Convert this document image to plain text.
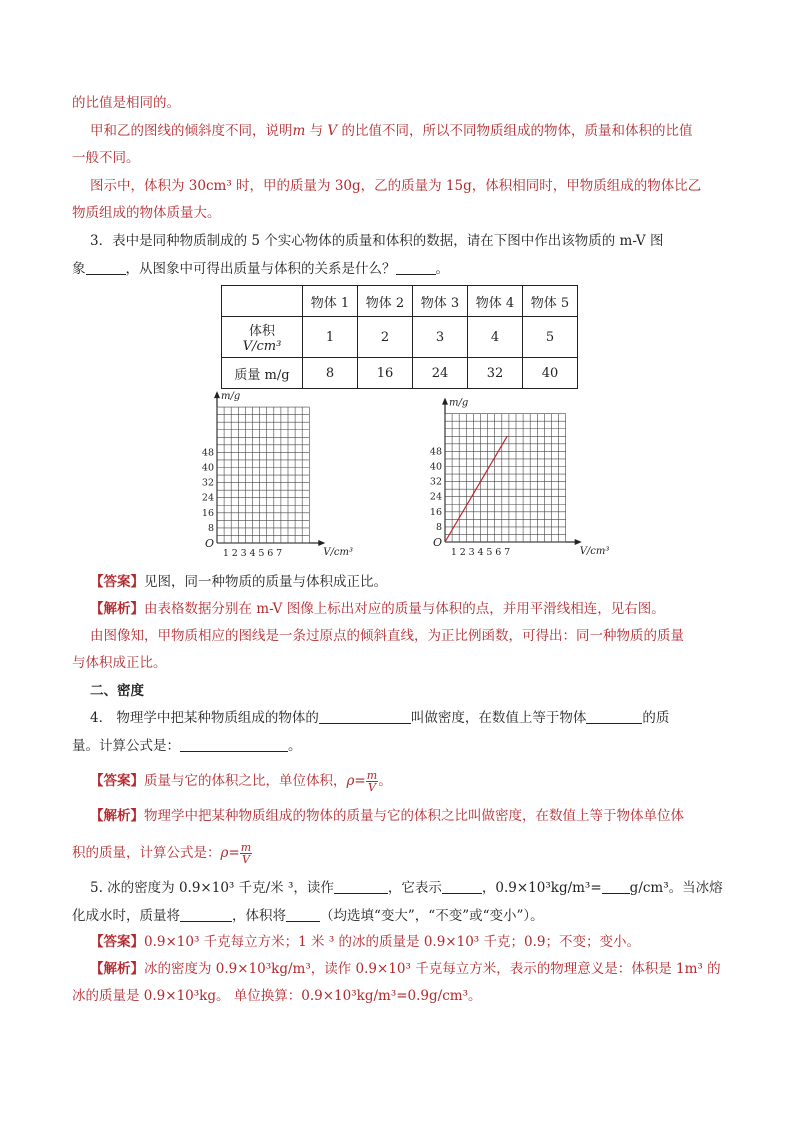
的比值是相同的。
甲和乙的图线的倾斜度不同，说明m 与 V 的比值不同，所以不同物质组成的物体，质量和体积的比值
一般不同。
图示中，体积为 30cm³ 时，甲的质量为 30g，乙的质量为 15g，体积相同时，甲物质组成的物体比乙
物质组成的物体质量大。
3．表中是同种物质制成的 5 个实心物体的质量和体积的数据，请在下图中作出该物质的 m-V 图
象	，从图象中可得出质量与体积的关系是什么？	。
	物体 1	物体 2	物体 3	物体 4	物体 5

体积
V/cm³	1	2	3	4	5
质量 m/g	8	16	24	32	40
m/g
V/cm³
O
1 2 3 4 5 6 7
8
16
24
32
40
48
m/g
V/cm³
O
1 2 3 4 5 6 7
8
16
24
32
40
48
【答案】见图，同一种物质的质量与体积成正比。
【解析】由表格数据分别在 m-V 图像上标出对应的质量与体积的点，并用平滑线相连，见右图。
由图像知，甲物质相应的图线是一条过原点的倾斜直线，为正比例函数，可得出：同一种物质的质量
与体积成正比。
二、密度
4． 物理学中把某种物质组成的物体的	叫做密度，在数值上等于物体	的质
量。计算公式是：	。
【答案】质量与它的体积之比，单位体积，$\rho= \frac{m}{V}$ 。
【解析】物理学中把某种物质组成的物体的质量与它的体积之比叫做密度，在数值上等于物体单位体
积的质量，计算公式是：$\rho= \frac{m}{V}$
5. 冰的密度为 0.9×10³ 千克/米 ³，读作	，它表示	，0.9×10³kg/m³= g/cm³。当冰熔
化成水时，质量将	，体积将	（均选填“变大”，“不变”或“变小”）。
【答案】0.9×10³ 千克每立方米；1 米 ³ 的冰的质量是 0.9×10³ 千克；0.9；不变；变小。
【解析】冰的密度为 0.9×10³kg/m³，读作 0.9×10³ 千克每立方米，表示的物理意义是：体积是 1m³ 的
冰的质量是 0.9×10³kg。 单位换算：0.9×10³kg/m³=0.9g/cm³。
